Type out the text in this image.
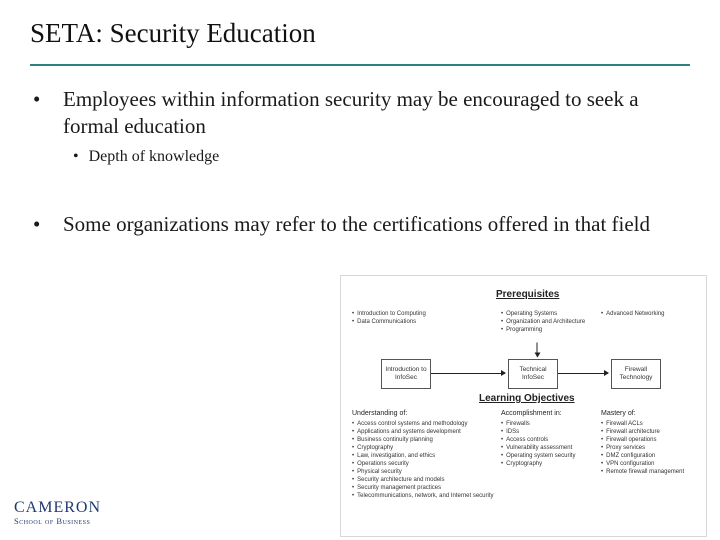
SETA: Security Education
• Employees within information security may be encouraged to seek a formal education
• Depth of knowledge
• Some organizations may refer to the certifications offered in that field
Prerequisites
• Introduction to Computing
• Data Communications
• Operating Systems
• Organization and Architecture
• Programming
• Advanced Networking
Introduction to InfoSec
Technical InfoSec
Firewall Technology
Learning Objectives
Understanding of:	Accomplishment in:	Mastery of:
• Access control systems and methodology
• Applications and systems development
• Business continuity planning
• Cryptography
• Law, investigation, and ethics
• Operations security
• Physical security
• Security architecture and models
• Security management practices
• Telecommunications, network, and Internet security
• Firewalls
• IDSs
• Access controls
• Vulnerability assessment
• Operating system security
• Cryptography
• Firewall ACLs
• Firewall architecture
• Firewall operations
• Proxy services
• DMZ configuration
• VPN configuration
• Remote firewall management
CAMERON
School of Business
